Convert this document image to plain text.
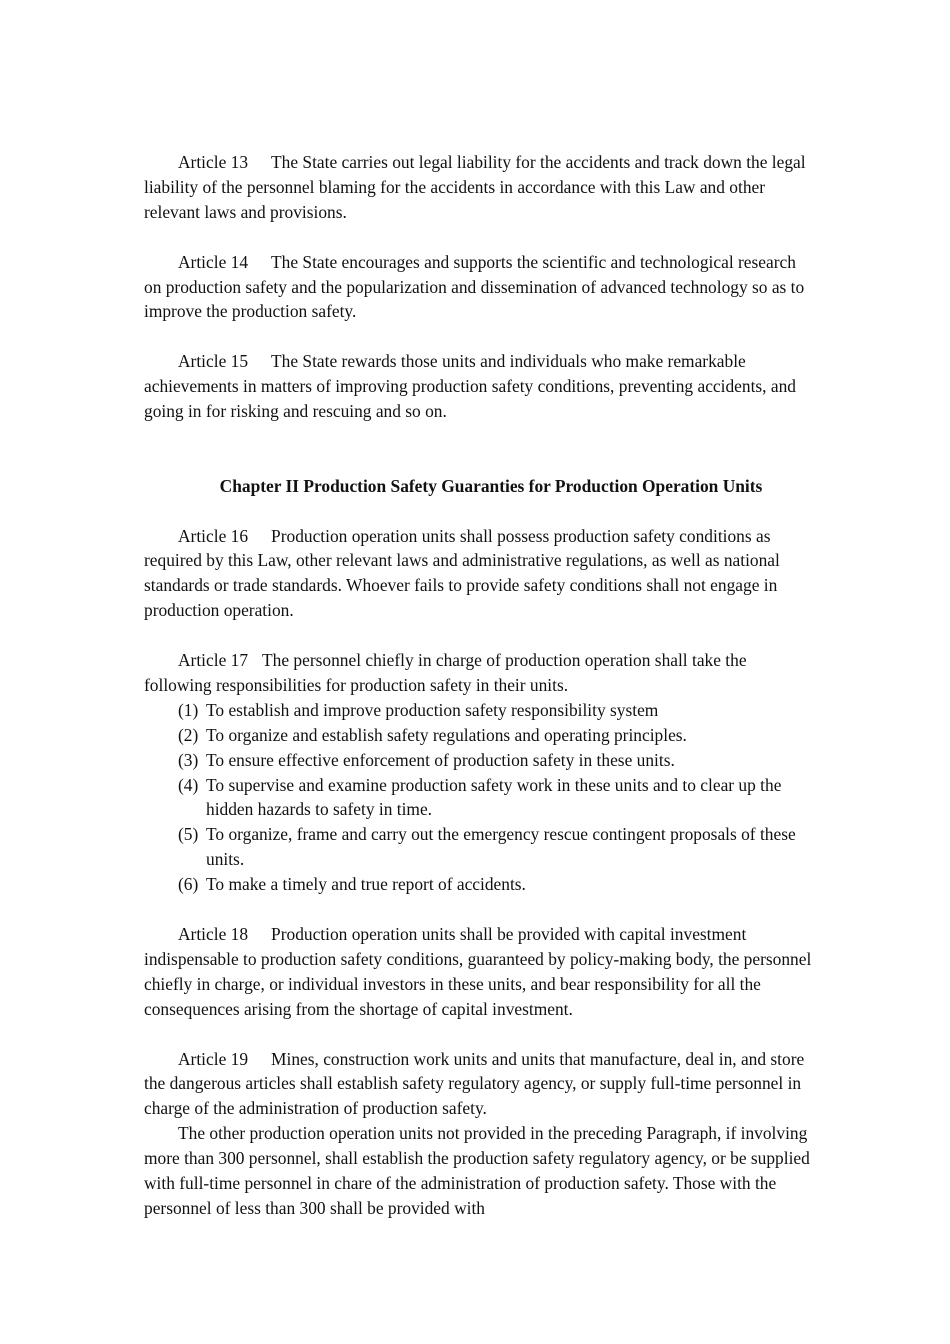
Article 13 The State carries out legal liability for the accidents and track down the legal liability of the personnel blaming for the accidents in accordance with this Law and other relevant laws and provisions.

Article 14 The State encourages and supports the scientific and technological research on production safety and the popularization and dissemination of advanced technology so as to improve the production safety.

Article 15 The State rewards those units and individuals who make remarkable achievements in matters of improving production safety conditions, preventing accidents, and going in for risking and rescuing and so on.

Chapter II Production Safety Guaranties for Production Operation Units

Article 16 Production operation units shall possess production safety conditions as required by this Law, other relevant laws and administrative regulations, as well as national standards or trade standards. Whoever fails to provide safety conditions shall not engage in production operation.

Article 17 The personnel chiefly in charge of production operation shall take the following responsibilities for production safety in their units.

(1) To establish and improve production safety responsibility system
(2) To organize and establish safety regulations and operating principles.
(3) To ensure effective enforcement of production safety in these units.
(4) To supervise and examine production safety work in these units and to clear up the hidden hazards to safety in time.
(5) To organize, frame and carry out the emergency rescue contingent proposals of these units.
(6) To make a timely and true report of accidents.

Article 18 Production operation units shall be provided with capital investment indispensable to production safety conditions, guaranteed by policy-making body, the personnel chiefly in charge, or individual investors in these units, and bear responsibility for all the consequences arising from the shortage of capital investment.

Article 19 Mines, construction work units and units that manufacture, deal in, and store the dangerous articles shall establish safety regulatory agency, or supply full-time personnel in charge of the administration of production safety.

The other production operation units not provided in the preceding Paragraph, if involving more than 300 personnel, shall establish the production safety regulatory agency, or be supplied with full-time personnel in chare of the administration of production safety. Those with the personnel of less than 300 shall be provided with
